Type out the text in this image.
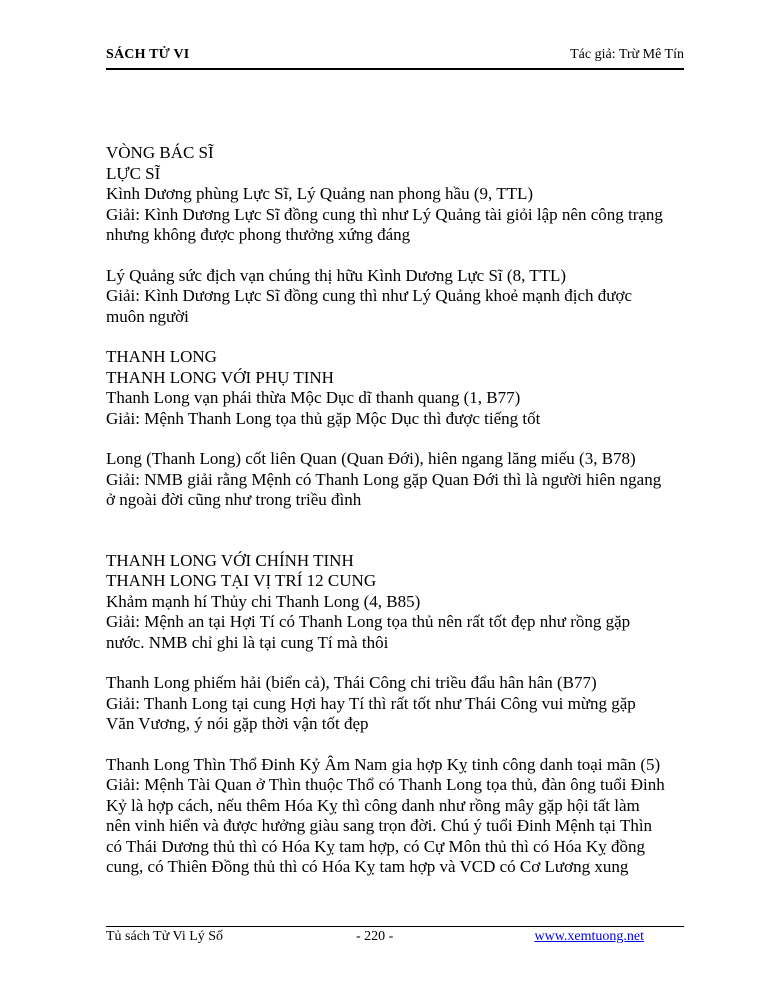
SÁCH TỬ VI	Tác giả: Trừ Mê Tín
VÒNG BÁC SĨ
LỰC SĨ
Kình Dương phùng Lực Sĩ, Lý Quảng nan phong hầu (9, TTL)
Giải: Kình Dương Lực Sĩ đồng cung thì như Lý Quảng tài giỏi lập nên công trạng
nhưng không được phong thưởng xứng đáng
Lý Quảng sức địch vạn chúng thị hữu Kình Dương Lực Sĩ (8, TTL)
Giải: Kình Dương Lực Sĩ đồng cung thì như Lý Quảng khoẻ mạnh địch được
muôn người
THANH LONG
THANH LONG VỚI PHỤ TINH
Thanh Long vạn phái thừa Mộc Dục dĩ thanh quang (1, B77)
Giải: Mệnh Thanh Long tọa thủ gặp Mộc Dục thì được tiếng tốt
Long (Thanh Long) cốt liên Quan (Quan Đới), hiên ngang lăng miếu (3, B78)
Giải: NMB giải rằng Mệnh có Thanh Long gặp Quan Đới thì là người hiên ngang
ở ngoài đời cũng như trong triều đình
THANH LONG VỚI CHÍNH TINH
THANH LONG TẠI VỊ TRÍ 12 CUNG
Khảm mạnh hí Thủy chi Thanh Long (4, B85)
Giải: Mệnh an tại Hợi Tí có Thanh Long tọa thủ nên rất tốt đẹp như rồng gặp
nước. NMB chỉ ghi là tại cung Tí mà thôi
Thanh Long phiếm hải (biển cả), Thái Công chi triều đẩu hân hân (B77)
Giải: Thanh Long tại cung Hợi hay Tí thì rất tốt như Thái Công vui mừng gặp
Văn Vương, ý nói gặp thời vận tốt đẹp
Thanh Long Thìn Thổ Đinh Kỷ Âm Nam gia hợp Kỵ tinh công danh toại mãn (5)
Giải: Mệnh Tài Quan ở Thìn thuộc Thổ có Thanh Long tọa thủ, đàn ông tuổi Đinh
Kỷ là hợp cách, nếu thêm Hóa Kỵ thì công danh như rồng mây gặp hội tất làm
nên vinh hiển và được hưởng giàu sang trọn đời. Chú ý tuổi Đinh Mệnh tại Thìn
có Thái Dương thủ thì có Hóa Kỵ tam hợp, có Cự Môn thủ thì có Hóa Kỵ đồng
cung, có Thiên Đồng thủ thì có Hóa Kỵ tam hợp và VCD có Cơ Lương xung
Tủ sách Tử Vi Lý Số	- 220 -	www.xemtuong.net
